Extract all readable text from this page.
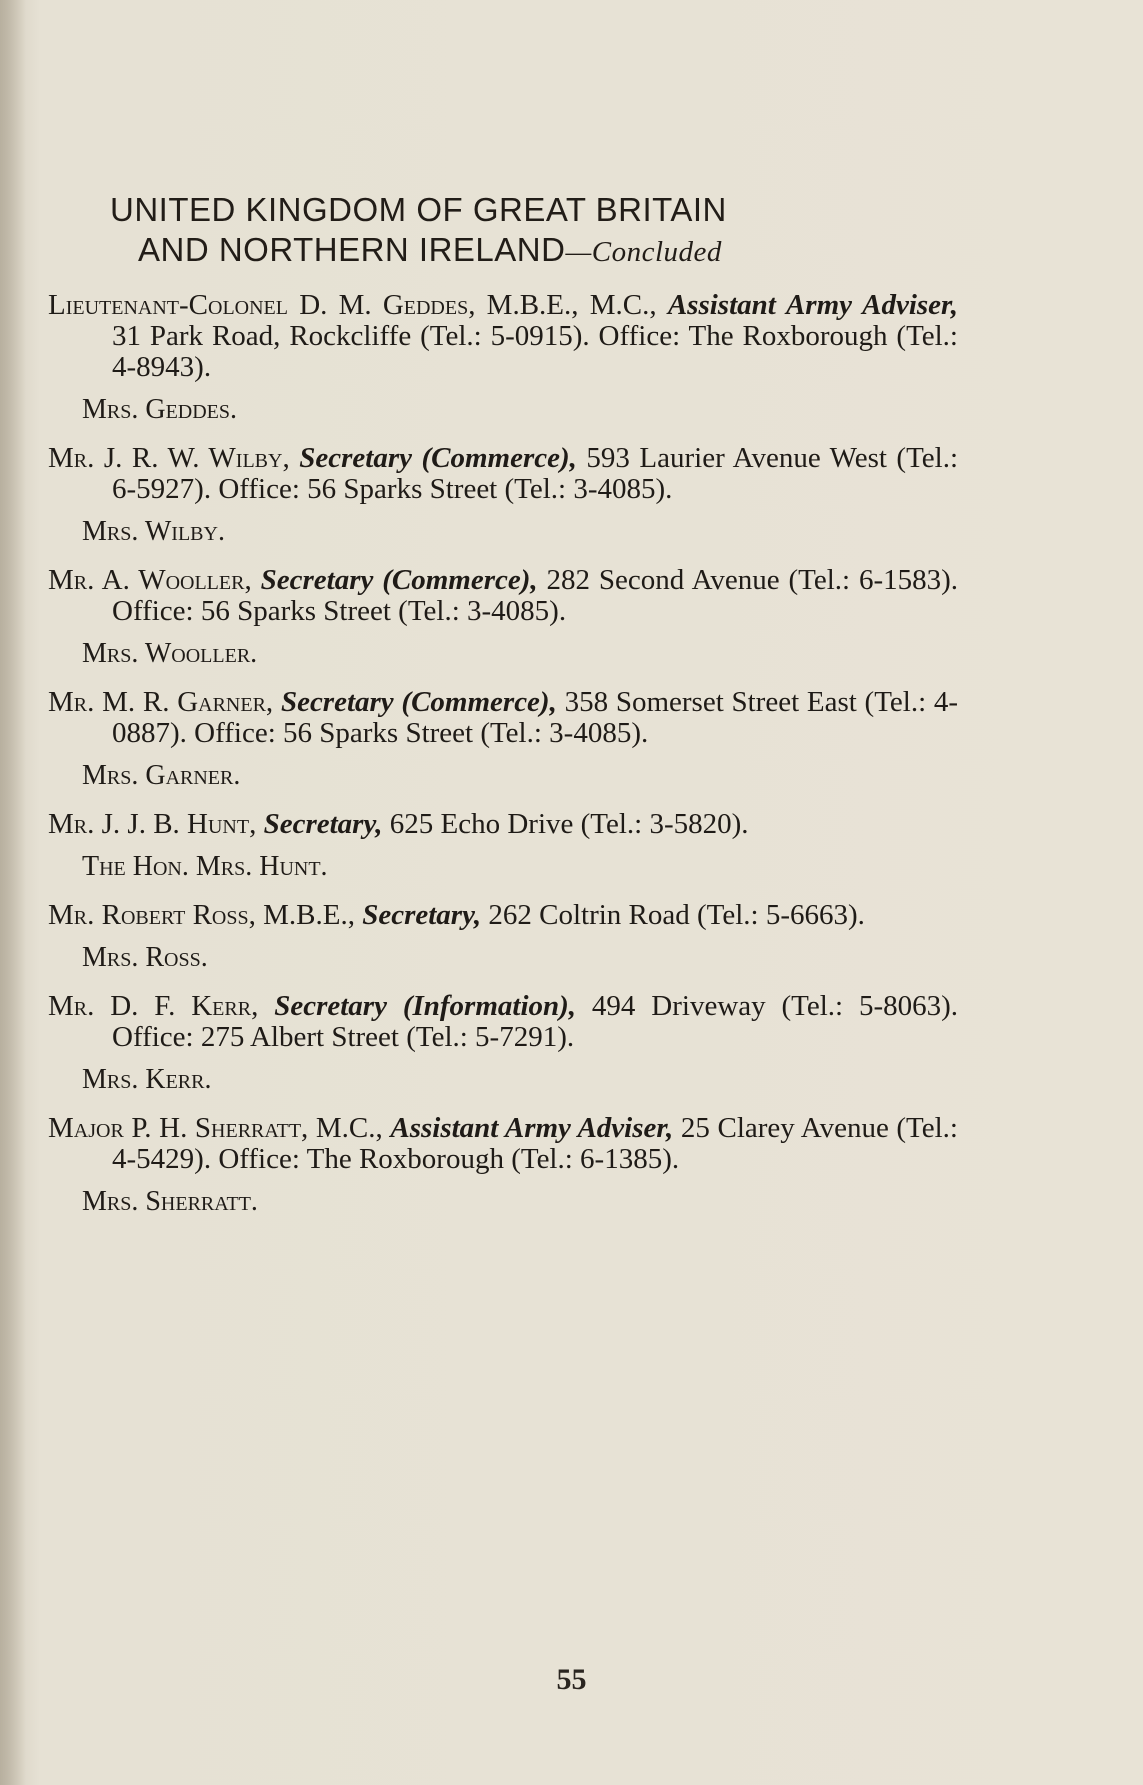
UNITED KINGDOM OF GREAT BRITAIN
AND NORTHERN IRELAND—Concluded
Lieutenant-Colonel D. M. Geddes, M.B.E., M.C., Assistant Army Adviser, 31 Park Road, Rockcliffe (Tel.: 5-0915). Office: The Roxborough (Tel.: 4-8943).
Mrs. Geddes.
Mr. J. R. W. Wilby, Secretary (Commerce), 593 Laurier Avenue West (Tel.: 6-5927). Office: 56 Sparks Street (Tel.: 3-4085).
Mrs. Wilby.
Mr. A. Wooller, Secretary (Commerce), 282 Second Avenue (Tel.: 6-1583). Office: 56 Sparks Street (Tel.: 3-4085).
Mrs. Wooller.
Mr. M. R. Garner, Secretary (Commerce), 358 Somerset Street East (Tel.: 4-0887). Office: 56 Sparks Street (Tel.: 3-4085).
Mrs. Garner.
Mr. J. J. B. Hunt, Secretary, 625 Echo Drive (Tel.: 3-5820).
The Hon. Mrs. Hunt.
Mr. Robert Ross, M.B.E., Secretary, 262 Coltrin Road (Tel.: 5-6663).
Mrs. Ross.
Mr. D. F. Kerr, Secretary (Information), 494 Driveway (Tel.: 5-8063). Office: 275 Albert Street (Tel.: 5-7291).
Mrs. Kerr.
Major P. H. Sherratt, M.C., Assistant Army Adviser, 25 Clarey Avenue (Tel.: 4-5429). Office: The Roxborough (Tel.: 6-1385).
Mrs. Sherratt.
55
